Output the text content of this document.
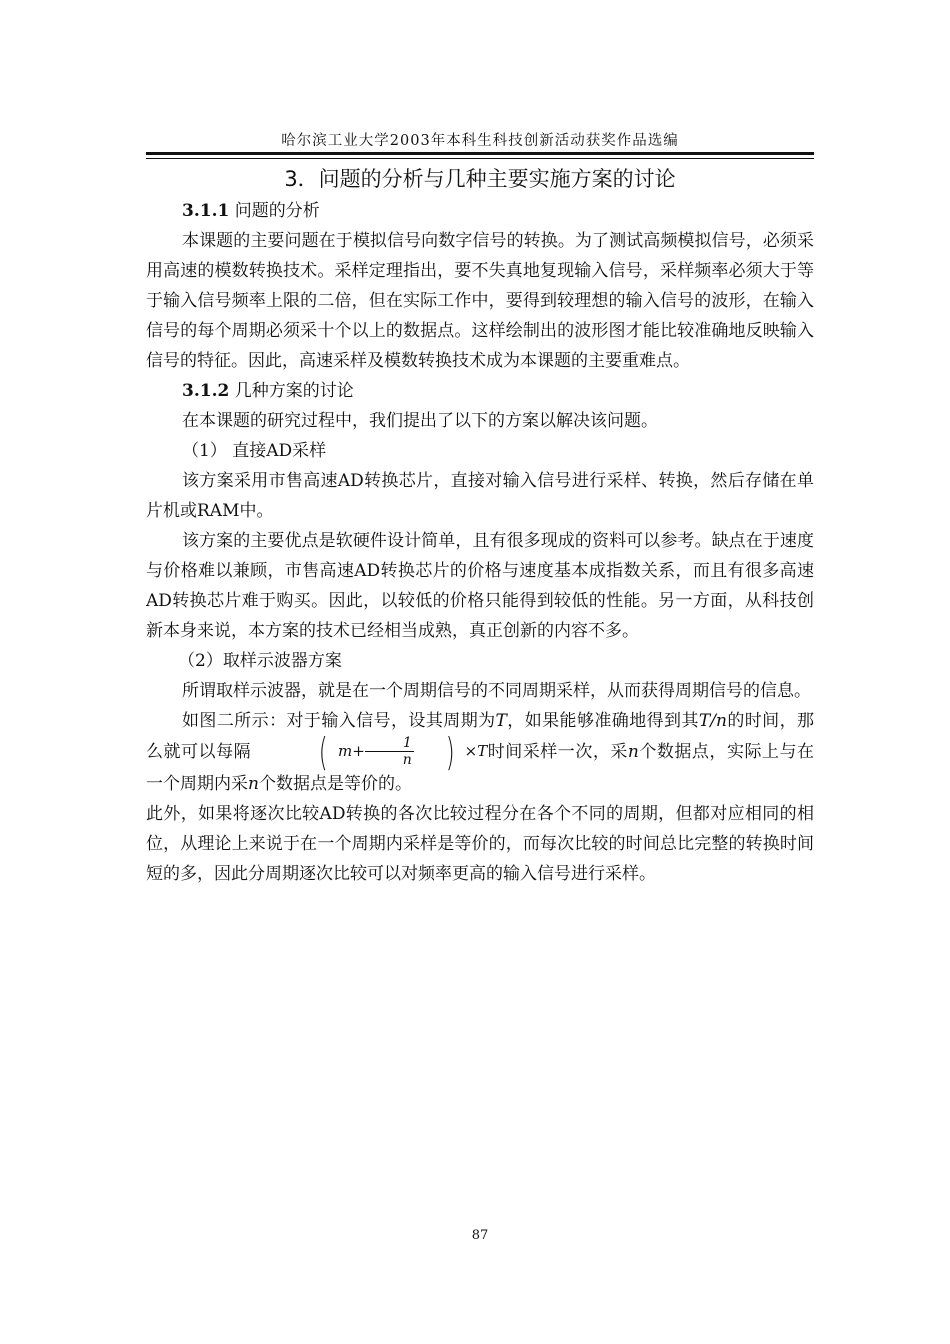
哈尔滨工业大学2003年本科生科技创新活动获奖作品选编
3．问题的分析与几种主要实施方案的讨论

3.1.1 问题的分析

本课题的主要问题在于模拟信号向数字信号的转换。为了测试高频模拟信号，必须采用高速的模数转换技术。采样定理指出，要不失真地复现输入信号，采样频率必须大于等于输入信号频率上限的二倍，但在实际工作中，要得到较理想的输入信号的波形，在输入信号的每个周期必须采十个以上的数据点。这样绘制出的波形图才能比较准确地反映输入信号的特征。因此，高速采样及模数转换技术成为本课题的主要重难点。

3.1.2 几种方案的讨论

在本课题的研究过程中，我们提出了以下的方案以解决该问题。

（1） 直接AD采样

该方案采用市售高速AD转换芯片，直接对输入信号进行采样、转换，然后存储在单片机或RAM中。

该方案的主要优点是软硬件设计简单，且有很多现成的资料可以参考。缺点在于速度与价格难以兼顾，市售高速AD转换芯片的价格与速度基本成指数关系，而且有很多高速AD转换芯片难于购买。因此，以较低的价格只能得到较低的性能。另一方面，从科技创新本身来说，本方案的技术已经相当成熟，真正创新的内容不多。

（2）取样示波器方案

所谓取样示波器，就是在一个周期信号的不同周期采样，从而获得周期信号的信息。

如图二所示：对于输入信号，设其周期为T，如果能够准确地得到其T/n的时间，那么就可以每隔 ( $m+ \frac{1}{n}$ ) ×T时间采样一次，采n个数据点，实际上与在一个周期内采n个数据点是等价的。

此外，如果将逐次比较AD转换的各次比较过程分在各个不同的周期，但都对应相同的相位，从理论上来说于在一个周期内采样是等价的，而每次比较的时间总比完整的转换时间短的多，因此分周期逐次比较可以对频率更高的输入信号进行采样。

87
